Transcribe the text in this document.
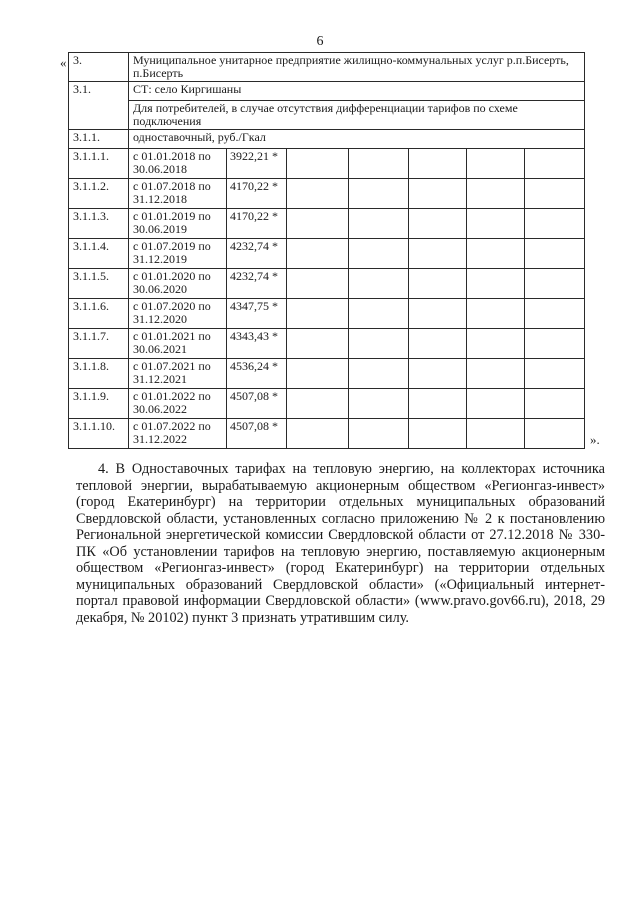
6
« 3.	Муниципальное унитарное предприятие жилищно-коммунальных услуг р.п.Бисерть, п.Бисерть						
3.1.	СТ: село Киргишаны						
	Для потребителей, в случае отсутствия дифференциации тарифов по схеме подключения						
3.1.1.	одноставочный, руб./Гкал						
3.1.1.1.	с 01.01.2018 по 30.06.2018	3922,21 *					
3.1.1.2.	с 01.07.2018 по 31.12.2018	4170,22 *					
3.1.1.3.	с 01.01.2019 по 30.06.2019	4170,22 *					
3.1.1.4.	с 01.07.2019 по 31.12.2019	4232,74 *					
3.1.1.5.	с 01.01.2020 по 30.06.2020	4232,74 *					
3.1.1.6.	с 01.07.2020 по 31.12.2020	4347,75 *					
3.1.1.7.	с 01.01.2021 по 30.06.2021	4343,43 *					
3.1.1.8.	с 01.07.2021 по 31.12.2021	4536,24 *					
3.1.1.9.	с 01.01.2022 по 30.06.2022	4507,08 *					
3.1.1.10.	с 01.07.2022 по 31.12.2022	4507,08 *					
».

4. В Одноставочных тарифах на тепловую энергию, на коллекторах источника тепловой энергии, вырабатываемую акционерным обществом «Регионгаз-инвест» (город Екатеринбург) на территории отдельных муниципальных образований Свердловской области, установленных согласно приложению № 2 к постановлению Региональной энергетической комиссии Свердловской области от 27.12.2018 № 330-ПК «Об установлении тарифов на тепловую энергию, поставляемую акционерным обществом «Регионгаз-инвест» (город Екатеринбург) на территории отдельных муниципальных образований Свердловской области» («Официальный интернет-портал правовой информации Свердловской области» (www.pravo.gov66.ru), 2018, 29 декабря, № 20102) пункт 3 признать утратившим силу.
